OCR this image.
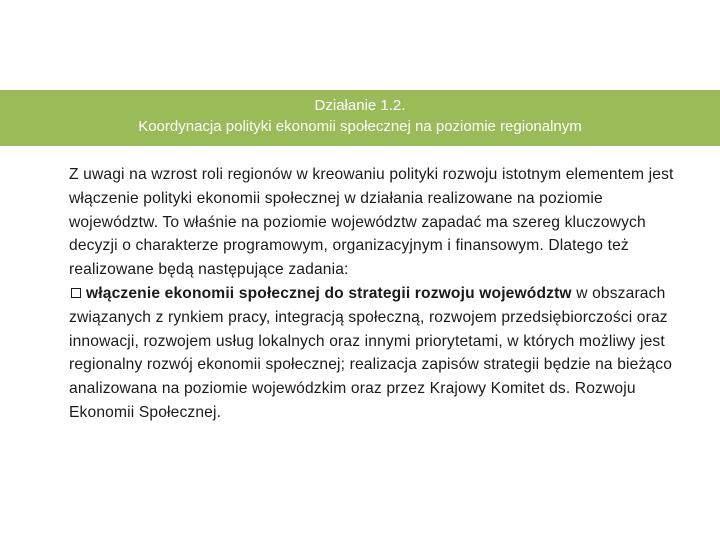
Działanie 1.2.
Koordynacja polityki ekonomii społecznej na poziomie regionalnym

Z uwagi na wzrost roli regionów w kreowaniu polityki rozwoju istotnym elementem jest włączenie polityki ekonomii społecznej w działania realizowane na poziomie województw. To właśnie na poziomie województw zapadać ma szereg kluczowych decyzji o charakterze programowym, organizacyjnym i finansowym. Dlatego też realizowane będą następujące zadania:

włączenie ekonomii społecznej do strategii rozwoju województw w obszarach związanych z rynkiem pracy, integracją społeczną, rozwojem przedsiębiorczości oraz innowacji, rozwojem usług lokalnych oraz innymi priorytetami, w których możliwy jest regionalny rozwój ekonomii społecznej; realizacja zapisów strategii będzie na bieżąco analizowana na poziomie wojewódzkim oraz przez Krajowy Komitet ds. Rozwoju Ekonomii Społecznej.
